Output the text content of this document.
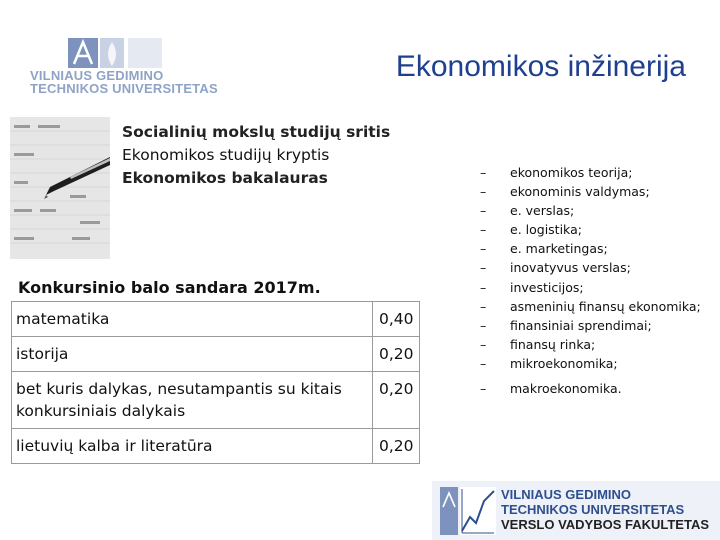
VILNIAUS GEDIMINO
TECHNIKOS UNIVERSITETAS
Ekonomikos inžinerija
Socialinių mokslų studijų sritis
Ekonomikos studijų kryptis
Ekonomikos bakalauras
Konkursinio balo sandara 2017m.
matematika	0,40
istorija	0,20
bet kuris dalykas, nesutampantis su kitais konkursiniais dalykais	0,20
lietuvių kalba ir literatūra	0,20
–	ekonomikos teorija;
–	ekonominis valdymas;
–	e. verslas;
–	e. logistika;
–	e. marketingas;
–	inovatyvus verslas;
–	investicijos;
–	asmeninių finansų ekonomika;
–	finansiniai sprendimai;
–	finansų rinka;
–	mikroekonomika;
–	makroekonomika.
VILNIAUS GEDIMINO
TECHNIKOS UNIVERSITETAS
VERSLO VADYBOS FAKULTETAS
